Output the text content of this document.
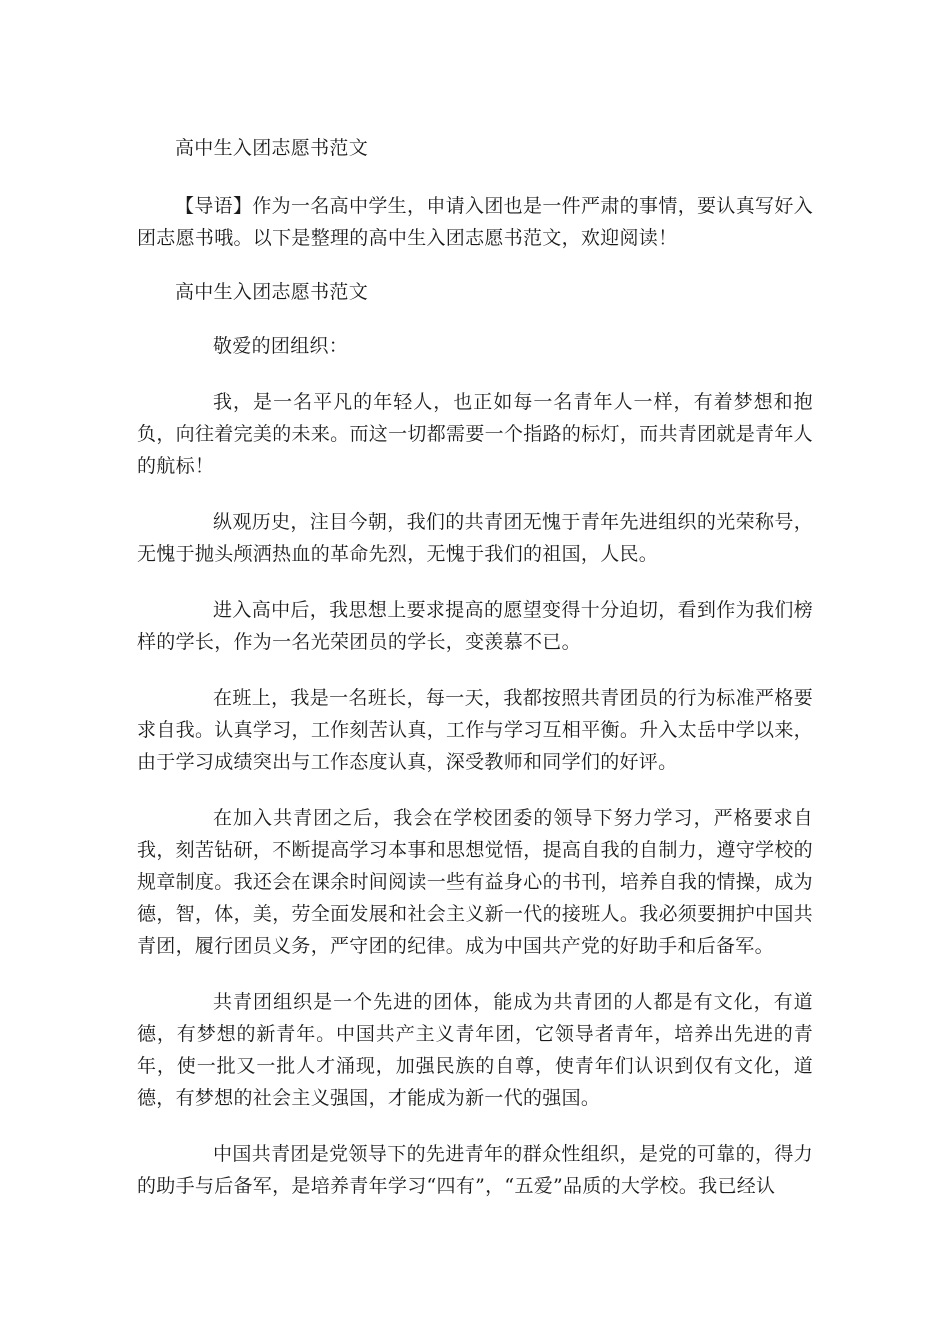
高中生入团志愿书范文

【导语】作为一名高中学生，申请入团也是一件严肃的事情，要认真写好入团志愿书哦。以下是整理的高中生入团志愿书范文，欢迎阅读！

高中生入团志愿书范文

敬爱的团组织：

我，是一名平凡的年轻人，也正如每一名青年人一样，有着梦想和抱负，向往着完美的未来。而这一切都需要一个指路的标灯，而共青团就是青年人的航标！

纵观历史，注目今朝，我们的共青团无愧于青年先进组织的光荣称号，无愧于抛头颅洒热血的革命先烈，无愧于我们的祖国，人民。

进入高中后，我思想上要求提高的愿望变得十分迫切，看到作为我们榜样的学长，作为一名光荣团员的学长，变羡慕不已。

在班上，我是一名班长，每一天，我都按照共青团员的行为标准严格要求自我。认真学习，工作刻苦认真，工作与学习互相平衡。升入太岳中学以来，由于学习成绩突出与工作态度认真，深受教师和同学们的好评。

在加入共青团之后，我会在学校团委的领导下努力学习，严格要求自我，刻苦钻研，不断提高学习本事和思想觉悟，提高自我的自制力，遵守学校的规章制度。我还会在课余时间阅读一些有益身心的书刊，培养自我的情操，成为德，智，体，美，劳全面发展和社会主义新一代的接班人。我必须要拥护中国共青团，履行团员义务，严守团的纪律。成为中国共产党的好助手和后备军。

共青团组织是一个先进的团体，能成为共青团的人都是有文化，有道德，有梦想的新青年。中国共产主义青年团，它领导者青年，培养出先进的青年，使一批又一批人才涌现，加强民族的自尊，使青年们认识到仅有文化，道德，有梦想的社会主义强国，才能成为新一代的强国。

中国共青团是党领导下的先进青年的群众性组织，是党的可靠的，得力的助手与后备军，是培养青年学习“四有”，“五爱”品质的大学校。我已经认
